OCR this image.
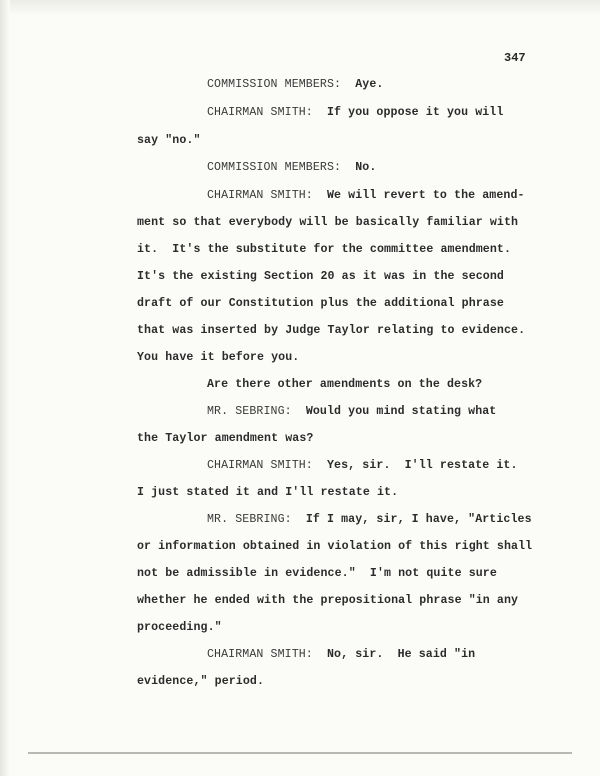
347
COMMISSION MEMBERS:  Aye.
CHAIRMAN SMITH:  If you oppose it you will
say "no."
COMMISSION MEMBERS:  No.
CHAIRMAN SMITH:  We will revert to the amend-
ment so that everybody will be basically familiar with
it.  It's the substitute for the committee amendment.
It's the existing Section 20 as it was in the second
draft of our Constitution plus the additional phrase
that was inserted by Judge Taylor relating to evidence.
You have it before you.
Are there other amendments on the desk?
MR. SEBRING:  Would you mind stating what
the Taylor amendment was?
CHAIRMAN SMITH:  Yes, sir.  I'll restate it.
I just stated it and I'll restate it.
MR. SEBRING:  If I may, sir, I have, "Articles
or information obtained in violation of this right shall
not be admissible in evidence."  I'm not quite sure
whether he ended with the prepositional phrase "in any
proceeding."
CHAIRMAN SMITH:  No, sir.  He said "in
evidence," period.
